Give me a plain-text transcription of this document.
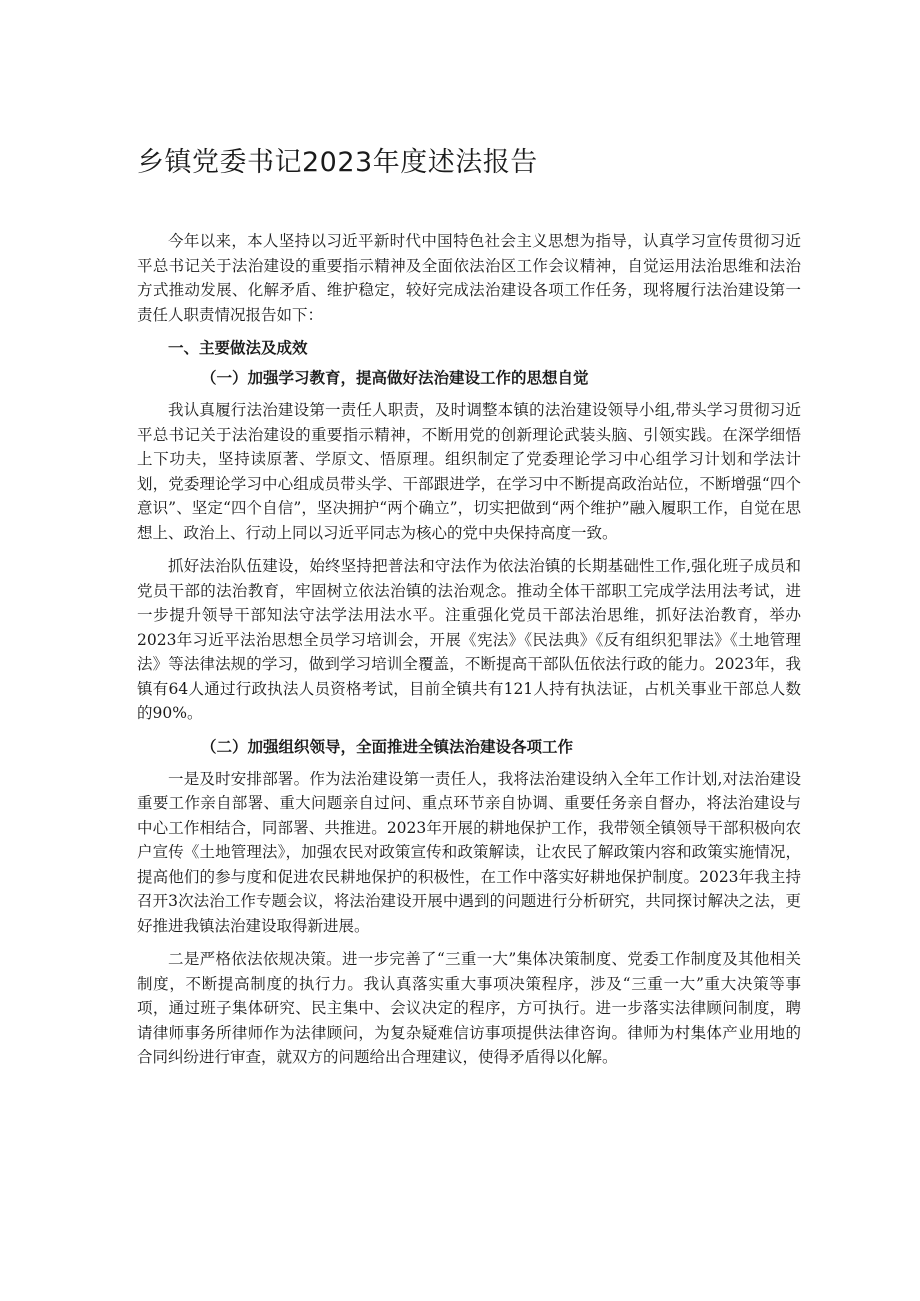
乡镇党委书记2023年度述法报告

今年以来，本人坚持以习近平新时代中国特色社会主义思想为指导，认真学习宣传贯彻习近平总书记关于法治建设的重要指示精神及全面依法治区工作会议精神，自觉运用法治思维和法治方式推动发展、化解矛盾、维护稳定，较好完成法治建设各项工作任务，现将履行法治建设第一责任人职责情况报告如下：

一、主要做法及成效
（一）加强学习教育，提高做好法治建设工作的思想自觉

我认真履行法治建设第一责任人职责，及时调整本镇的法治建设领导小组,带头学习贯彻习近平总书记关于法治建设的重要指示精神，不断用党的创新理论武装头脑、引领实践。在深学细悟上下功夫，坚持读原著、学原文、悟原理。组织制定了党委理论学习中心组学习计划和学法计划，党委理论学习中心组成员带头学、干部跟进学，在学习中不断提高政治站位，不断增强“四个意识”、坚定“四个自信”，坚决拥护“两个确立”，切实把做到“两个维护”融入履职工作，自觉在思想上、政治上、行动上同以习近平同志为核心的党中央保持高度一致。

抓好法治队伍建设，始终坚持把普法和守法作为依法治镇的长期基础性工作,强化班子成员和党员干部的法治教育，牢固树立依法治镇的法治观念。推动全体干部职工完成学法用法考试，进一步提升领导干部知法守法学法用法水平。注重强化党员干部法治思维，抓好法治教育，举办2023年习近平法治思想全员学习培训会，开展《宪法》《民法典》《反有组织犯罪法》《土地管理法》等法律法规的学习，做到学习培训全覆盖，不断提高干部队伍依法行政的能力。2023年，我镇有64人通过行政执法人员资格考试，目前全镇共有121人持有执法证，占机关事业干部总人数的90%。

（二）加强组织领导，全面推进全镇法治建设各项工作

一是及时安排部署。作为法治建设第一责任人，我将法治建设纳入全年工作计划,对法治建设重要工作亲自部署、重大问题亲自过问、重点环节亲自协调、重要任务亲自督办，将法治建设与中心工作相结合，同部署、共推进。2023年开展的耕地保护工作，我带领全镇领导干部积极向农户宣传《土地管理法》，加强农民对政策宣传和政策解读，让农民了解政策内容和政策实施情况，提高他们的参与度和促进农民耕地保护的积极性，在工作中落实好耕地保护制度。2023年我主持召开3次法治工作专题会议，将法治建设开展中遇到的问题进行分析研究，共同探讨解决之法，更好推进我镇法治建设取得新进展。

二是严格依法依规决策。进一步完善了“三重一大”集体决策制度、党委工作制度及其他相关制度，不断提高制度的执行力。我认真落实重大事项决策程序，涉及“三重一大”重大决策等事项，通过班子集体研究、民主集中、会议决定的程序，方可执行。进一步落实法律顾问制度，聘请律师事务所律师作为法律顾问，为复杂疑难信访事项提供法律咨询。律师为村集体产业用地的合同纠纷进行审查，就双方的问题给出合理建议，使得矛盾得以化解。
